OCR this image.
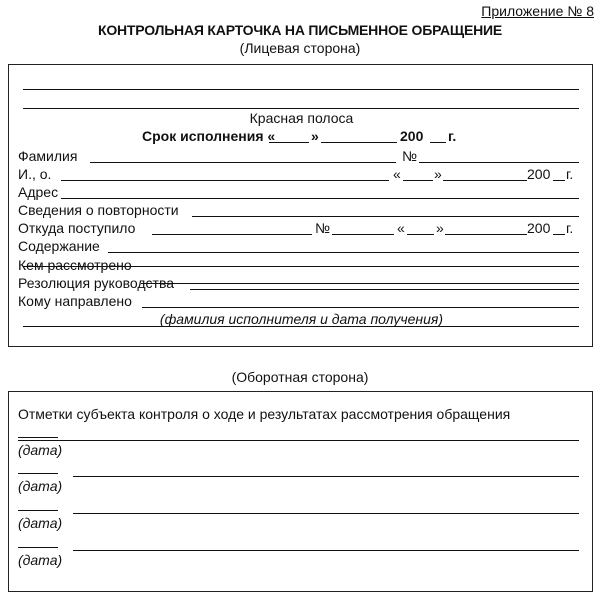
Приложение № 8
КОНТРОЛЬНАЯ КАРТОЧКА НА ПИСЬМЕННОЕ ОБРАЩЕНИЕ
(Лицевая сторона)
Красная полоса
Срок исполнения «	»	200 г.
Фамилия	№
И., о.	« »	200 г.
Адрес
Сведения о повторности
Откуда поступило	№	« »	200 г.
Содержание
Кем рассмотрено
Резолюция руководства
Кому направлено
(фамилия исполнителя и дата получения)
(Оборотная сторона)
Отметки субъекта контроля о ходе и результатах рассмотрения обращения
(дата)
(дата)
(дата)
(дата)
